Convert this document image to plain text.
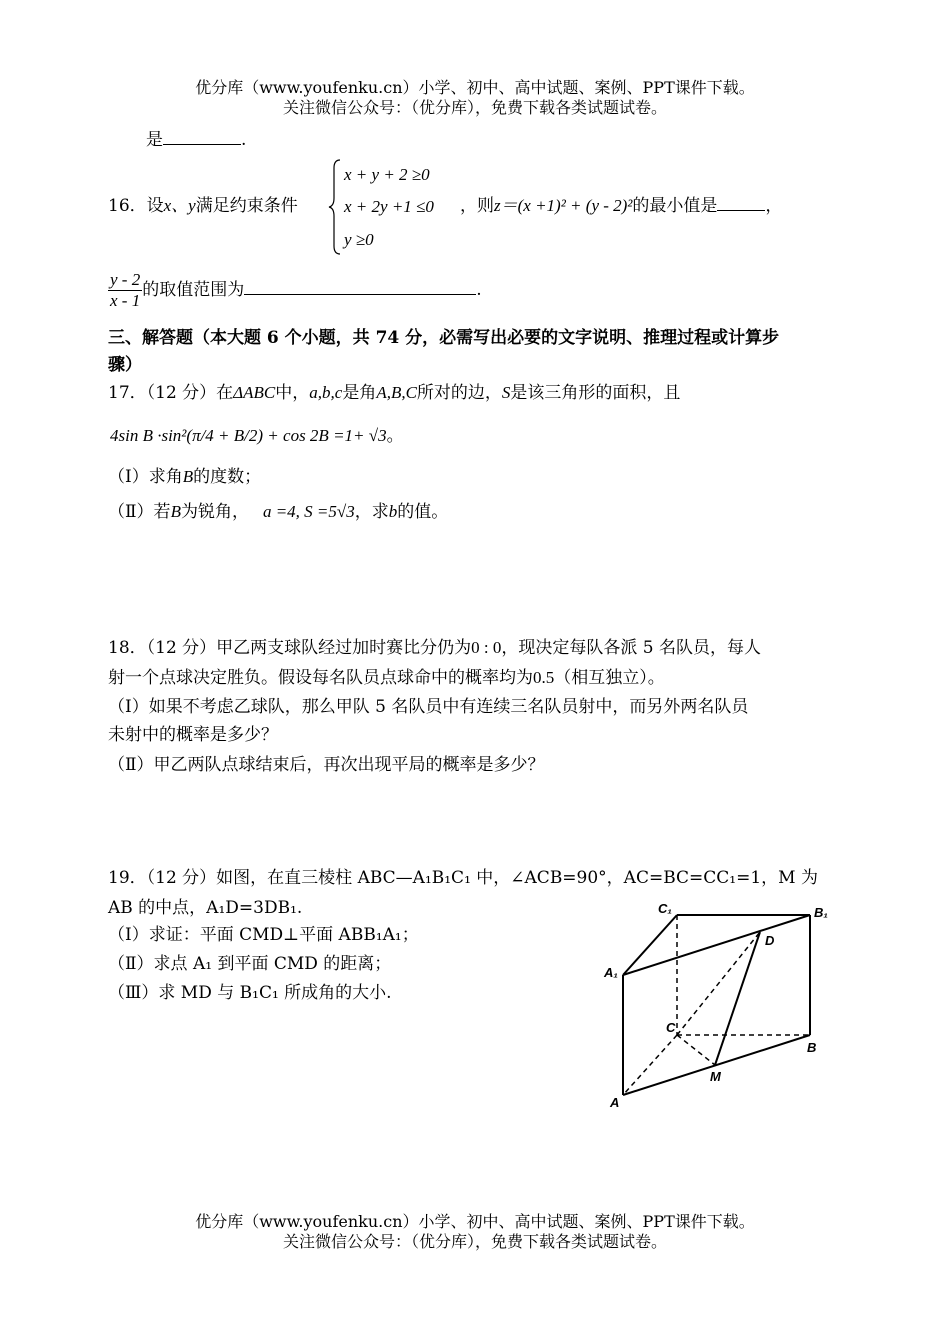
优分库（www.youfenku.cn）小学、初中、高中试题、案例、PPT课件下载。
关注微信公众号：（优分库），免费下载各类试题试卷。
是	.
16．设x、y满足约束条件
x + y + 2 ≥0
x + 2y +1 ≤0
y ≥0
，则z＝(x +1)² + (y - 2)²的最小值是	，
$\frac{y - 2}{x - 1}$ 的取值范围为	.
三、解答题（本大题 6 个小题，共 74 分，必需写出必要的文字说明、推理过程或计算步
骤）
17．（12 分）在ΔABC中，a,b,c是角A,B,C所对的边，S是该三角形的面积，且
4sin B ·sin²(π/4 + B/2) + cos 2B =1+ √3。
（Ⅰ）求角B的度数；
（Ⅱ）若B为锐角， a =4, S =5√3，求b的值。
18．（12 分）甲乙两支球队经过加时赛比分仍为0 : 0，现决定每队各派 5 名队员，每人
射一个点球决定胜负。假设每名队员点球命中的概率均为0.5（相互独立）。
（Ⅰ）如果不考虑乙球队，那么甲队 5 名队员中有连续三名队员射中，而另外两名队员
未射中的概率是多少？
（Ⅱ）甲乙两队点球结束后，再次出现平局的概率是多少？
19．（12 分）如图，在直三棱柱 ABC—A₁B₁C₁ 中，∠ACB=90°，AC=BC=CC₁=1，M 为
AB 的中点，A₁D=3DB₁.
（Ⅰ）求证：平面 CMD⊥平面 ABB₁A₁；
（Ⅱ）求点 A₁ 到平面 CMD 的距离；
（Ⅲ）求 MD 与 B₁C₁ 所成角的大小.
C₁	B₁
A₁
D
C
B
M
A
优分库（www.youfenku.cn）小学、初中、高中试题、案例、PPT课件下载。
关注微信公众号：（优分库），免费下载各类试题试卷。
